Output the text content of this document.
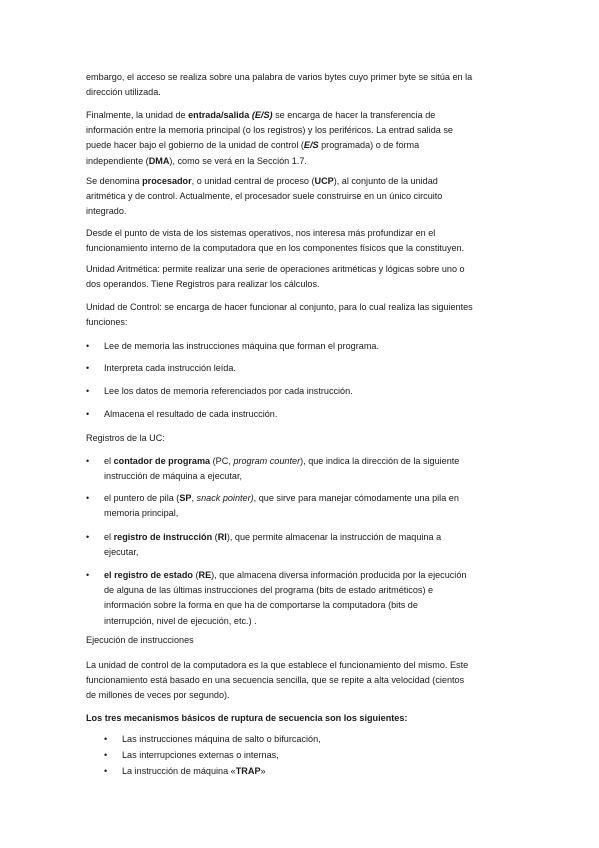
embargo, el acceso se realiza sobre una palabra de varios bytes cuyo primer byte se sitúa en la
dirección utilizada.
Finalmente, la unidad de entrada/salida (E/S) se encarga de hacer la transferencia de
información entre la memoria principal (o los registros) y los periféricos. La entrad salida se
puede hacer bajo el gobierno de la unidad de control (E/S programada) o de forma
independiente (DMA), como se verá en la Sección 1.7.
Se denomina procesador, o unidad central de proceso (UCP), al conjunto de la unidad
aritmética y de control. Actualmente, el procesador suele construirse en un único circuito
integrado.
Desde el punto de vista de los sistemas operativos, nos interesa más profundizar en el
funcionamiento interno de la computadora que en los componentes físicos que la constituyen.
Unidad Aritmética: permite realizar una serie de operaciones aritméticas y lógicas sobre uno o
dos operandos. Tiene Registros para realizar los cálculos.
Unidad de Control: se encarga de hacer funcionar al conjunto, para lo cual realiza las siguientes
funciones:
• Lee de memoria las instrucciones máquina que forman el programa.
• Interpreta cada instrucción leída.
• Lee los datos de memoria referenciados por cada instrucción.
• Almacena el resultado de cada instrucción.
Registros de la UC:
• el contador de programa (PC, program counter), que indica la dirección de la siguiente
instrucción de máquina a ejecutar,
• el puntero de pila (SP, snack pointer), que sirve para manejar cómodamente una pila en
memoria principal,
• el registro de instrucción (RI), que permite almacenar la instrucción de maquina a
ejecutar,
• el registro de estado (RE), que almacena diversa información producida por la ejecución
de alguna de las últimas instrucciones del programa (bits de estado aritméticos) e
información sobre la forma en que ha de comportarse la computadora (bits de
interrupción, nivel de ejecución, etc.) .
Ejecución de instrucciones
La unidad de control de la computadora es la que establece el funcionamiento del mismo. Este
funcionamiento está basado en una secuencia sencilla, que se repite a alta velocidad (cientos
de millones de veces por segundo).
Los tres mecanismos básicos de ruptura de secuencia son los siguientes:
• Las instrucciones máquina de salto o bifurcación,
• Las interrupciones externas o internas,
• La instrucción de máquina «TRAP»
